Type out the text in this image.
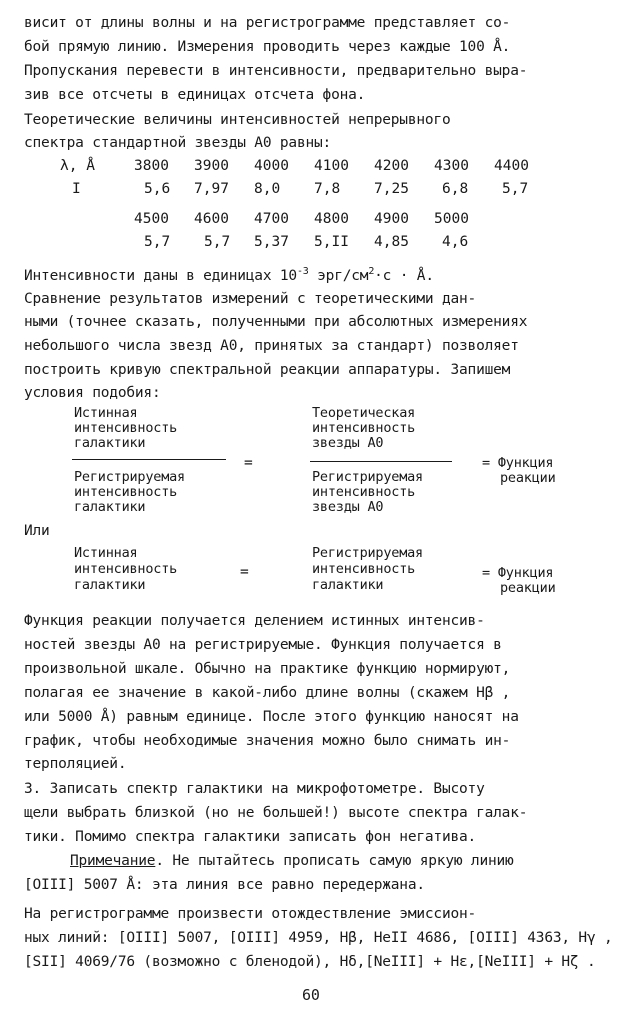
висит от длины волны и на регистрограмме представляет со-
бой прямую линию. Измерения проводить через каждые 100 Å.
Пропускания перевести в интенсивности, предварительно выра-
зив все отсчеты в единицах отсчета фона.
Теоретические величины интенсивностей непрерывного
спектра стандартной звезды А0 равны:
λ, Å
I
3800 3900 4000 4100 4200 4300 4400
5,6 7,97 8,0 7,8 7,25 6,8 5,7
4500 4600 4700 4800 4900 5000
5,7 5,7 5,37 5,II 4,85 4,6
Интенсивности даны в единицах $10^{-3}$ эрг/$см^2\cdot с$ · Å.
Сравнение результатов измерений с теоретическими дан-
ными (точнее сказать, полученными при абсолютных измерениях
небольшого числа звезд А0, принятых за стандарт) позволяет
построить кривую спектральной реакции аппаратуры. Запишем
условия подобия:
Истинная
интенсивность
галактики
Регистрируемая
интенсивность
галактики
=
Теоретическая
интенсивность
звезды А0
Регистрируемая
интенсивность
звезды А0
= Функция
реакции
Или
Истинная
интенсивность
галактики
=
Регистрируемая
интенсивность
галактики
= Функция
реакции
Функция реакции получается делением истинных интенсив-
ностей звезды А0 на регистрируемые. Функция получается в
произвольной шкале. Обычно на практике функцию нормируют,
полагая ее значение в какой-либо длине волны (скажем Hβ ,
или 5000 Å) равным единице. После этого функцию наносят на
график, чтобы необходимые значения можно было снимать ин-
терполяцией.
3. Записать спектр галактики на микрофотометре. Высоту
щели выбрать близкой (но не большей!) высоте спектра галак-
тики. Помимо спектра галактики записать фон негатива.
Примечание. Не пытайтесь прописать самую яркую линию
[OIII] 5007 Å: эта линия все равно передержана.
На регистрограмме произвести отождествление эмиссион-
ных линий: [OIII] 5007, [OIII] 4959, Hβ, HeII 4686, [OIII] 4363, Hγ ,
[SII] 4069/76 (возможно с бленодой), Hδ,[NeIII] + Hε,[NeIII] + Hζ .
60
